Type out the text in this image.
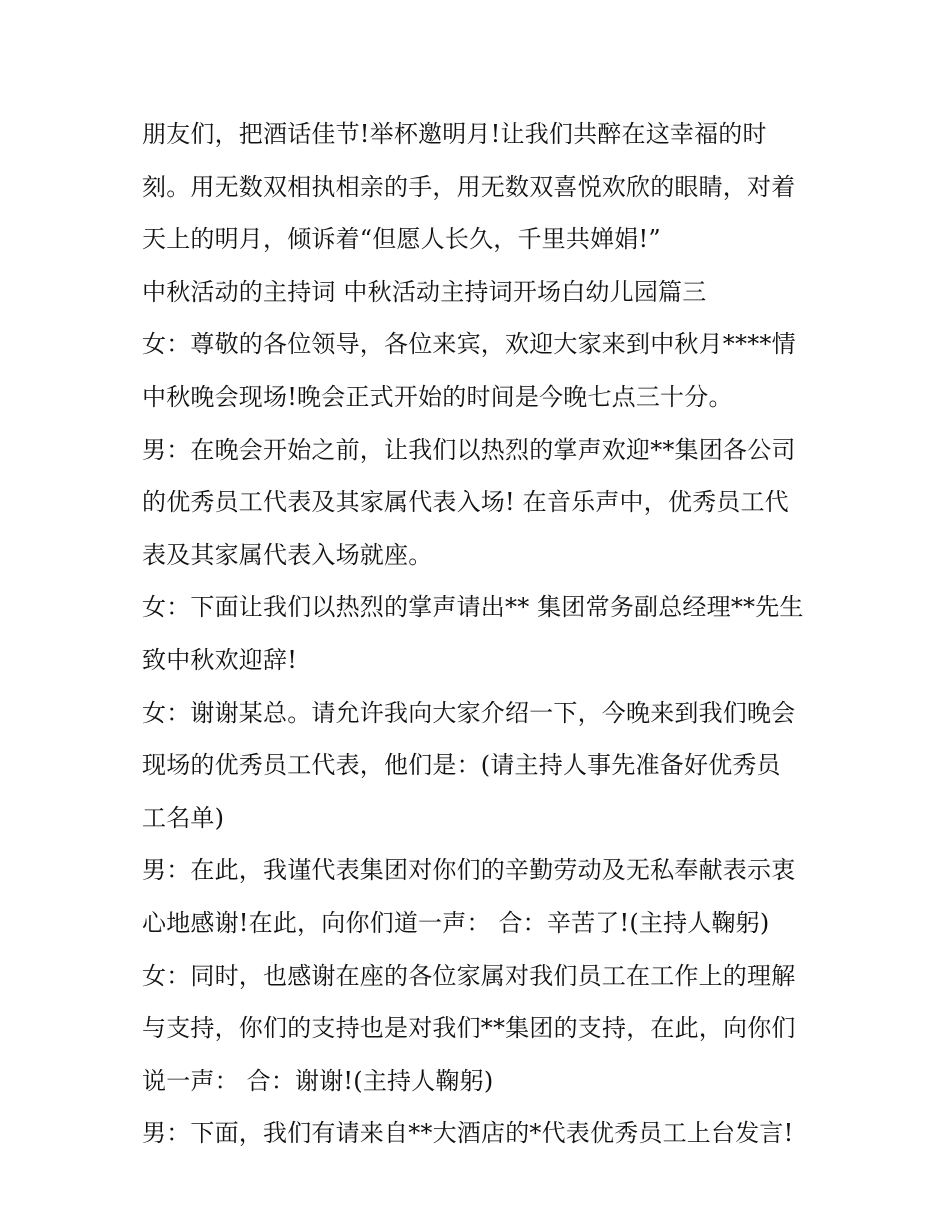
朋友们，把酒话佳节!举杯邀明月!让我们共醉在这幸福的时
刻。用无数双相执相亲的手，用无数双喜悦欢欣的眼睛，对着
天上的明月，倾诉着“但愿人长久，千里共婵娟!”
中秋活动的主持词 中秋活动主持词开场白幼儿园篇三
女：尊敬的各位领导，各位来宾，欢迎大家来到中秋月****情
中秋晚会现场!晚会正式开始的时间是今晚七点三十分。
男：在晚会开始之前，让我们以热烈的掌声欢迎**集团各公司
的优秀员工代表及其家属代表入场! 在音乐声中，优秀员工代
表及其家属代表入场就座。
女：下面让我们以热烈的掌声请出** 集团常务副总经理**先生
致中秋欢迎辞!
女：谢谢某总。请允许我向大家介绍一下，今晚来到我们晚会
现场的优秀员工代表，他们是：(请主持人事先准备好优秀员
工名单)
男：在此，我谨代表集团对你们的辛勤劳动及无私奉献表示衷
心地感谢!在此，向你们道一声： 合：辛苦了!(主持人鞠躬)
女：同时，也感谢在座的各位家属对我们员工在工作上的理解
与支持，你们的支持也是对我们**集团的支持，在此，向你们
说一声： 合：谢谢!(主持人鞠躬)
男：下面，我们有请来自**大酒店的*代表优秀员工上台发言!
